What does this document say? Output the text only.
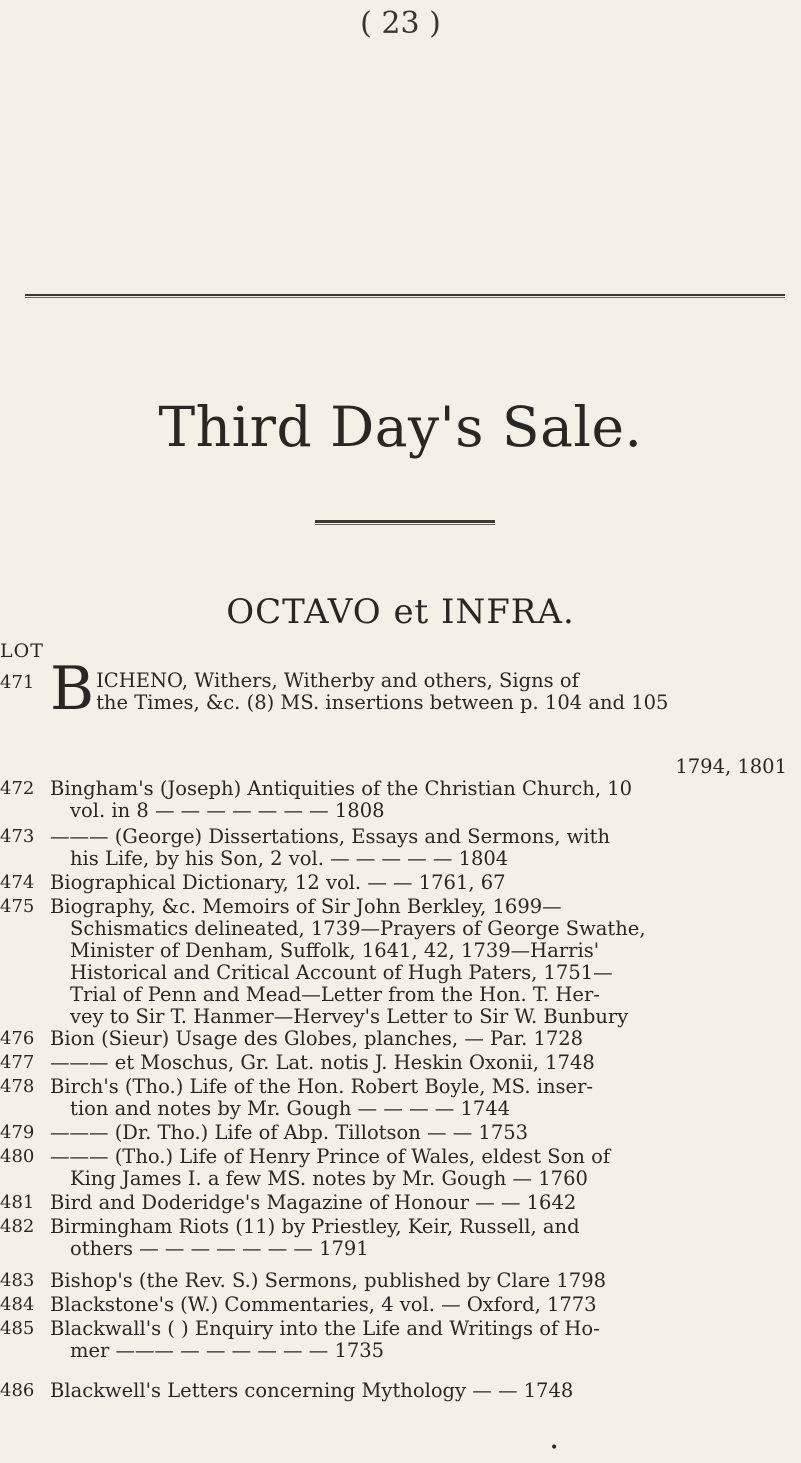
( 23 )
Third Day's Sale.
OCTAVO et INFRA.
LOT
471 B ICHENO, Withers, Witherby and others, Signs of
the Times, &c. (8) MS. insertions between p. 104 and 105
472
1794, 1801
Bingham's (Joseph) Antiquities of the Christian Church, 10
vol. in 8 — — — — — — — 1808
473 ——— (George) Dissertations, Essays and Sermons, with
his Life, by his Son, 2 vol. — — — — — 1804
474 Biographical Dictionary, 12 vol. — — 1761, 67
475 Biography, &c. Memoirs of Sir John Berkley, 1699—
Schismatics delineated, 1739—Prayers of George Swathe,
Minister of Denham, Suffolk, 1641, 42, 1739—Harris'
Historical and Critical Account of Hugh Paters, 1751—
Trial of Penn and Mead—Letter from the Hon. T. Her-
vey to Sir T. Hanmer—Hervey's Letter to Sir W. Bunbury
476 Bion (Sieur) Usage des Globes, planches, — Par. 1728
477 ——— et Moschus, Gr. Lat. notis J. Heskin Oxonii, 1748
478 Birch's (Tho.) Life of the Hon. Robert Boyle, MS. inser-
tion and notes by Mr. Gough — — — — 1744
479 ——— (Dr. Tho.) Life of Abp. Tillotson — — 1753
480 ——— (Tho.) Life of Henry Prince of Wales, eldest Son of
King James I. a few MS. notes by Mr. Gough — 1760
481 Bird and Doderidge's Magazine of Honour — — 1642
482 Birmingham Riots (11) by Priestley, Keir, Russell, and
others — — — — — — — 1791
483 Bishop's (the Rev. S.) Sermons, published by Clare 1798
484 Blackstone's (W.) Commentaries, 4 vol. — Oxford, 1773
485 Blackwall's ( ) Enquiry into the Life and Writings of Ho-
mer ——— — — — — — — 1735
486 Blackwell's Letters concerning Mythology — — 1748
•
